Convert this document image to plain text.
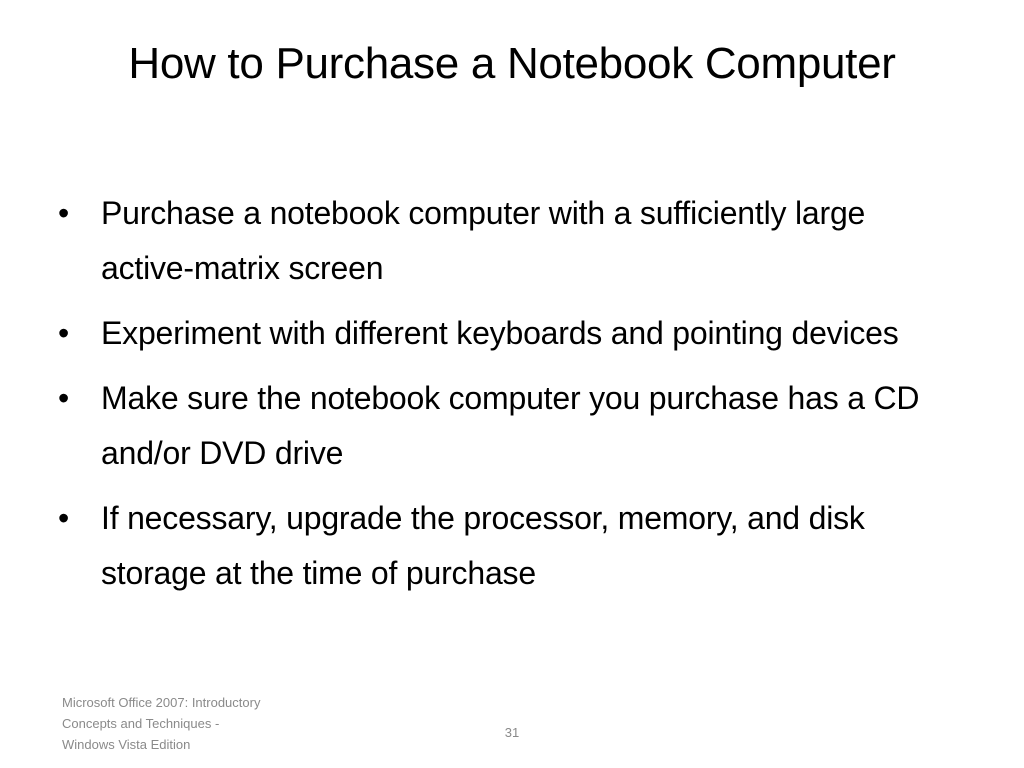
How to Purchase a Notebook Computer
• Purchase a notebook computer with a sufficiently large active-matrix screen
• Experiment with different keyboards and pointing devices
• Make sure the notebook computer you purchase has a CD and/or DVD drive
• If necessary, upgrade the processor, memory, and disk storage at the time of purchase
Microsoft Office 2007: Introductory Concepts and Techniques - Windows Vista Edition
31
